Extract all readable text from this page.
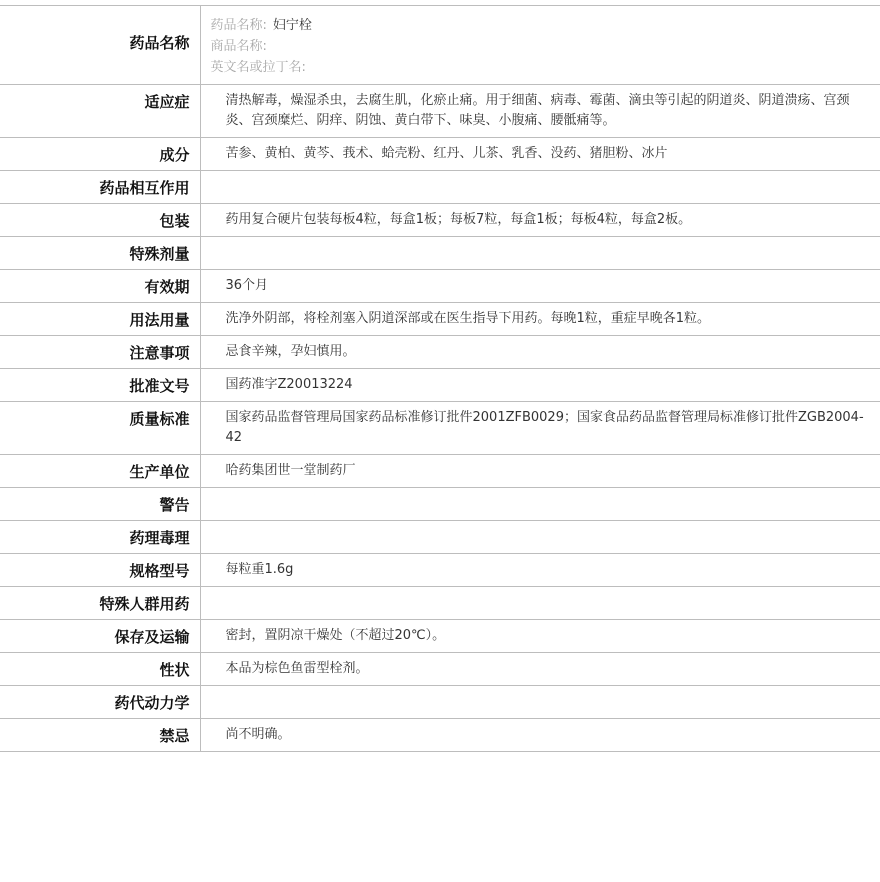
药品名称	药品名称: 妇宁栓
商品名称:
英文名或拉丁名:

适应症	清热解毒，燥湿杀虫，去腐生肌，化瘀止痛。用于细菌、病毒、霉菌、滴虫等引起的阴道炎、阴道溃疡、宫颈炎、宫颈糜烂、阴痒、阴蚀、黄白带下、味臭、小腹痛、腰骶痛等。
成分	苦参、黄柏、黄芩、莪术、蛤壳粉、红丹、儿茶、乳香、没药、猪胆粉、冰片
药品相互作用	
包装	药用复合硬片包装每板4粒，每盒1板；每板7粒，每盒1板；每板4粒，每盒2板。
特殊剂量	
有效期	36个月
用法用量	洗净外阴部，将栓剂塞入阴道深部或在医生指导下用药。每晚1粒，重症早晚各1粒。
注意事项	忌食辛辣，孕妇慎用。
批准文号	国药准字Z20013224
质量标准	国家药品监督管理局国家药品标准修订批件2001ZFB0029；国家食品药品监督管理局标准修订批件ZGB2004-42
生产单位	哈药集团世一堂制药厂
警告	
药理毒理	
规格型号	每粒重1.6g
特殊人群用药	
保存及运输	密封，置阴凉干燥处（不超过20℃）。
性状	本品为棕色鱼雷型栓剂。
药代动力学	
禁忌	尚不明确。
